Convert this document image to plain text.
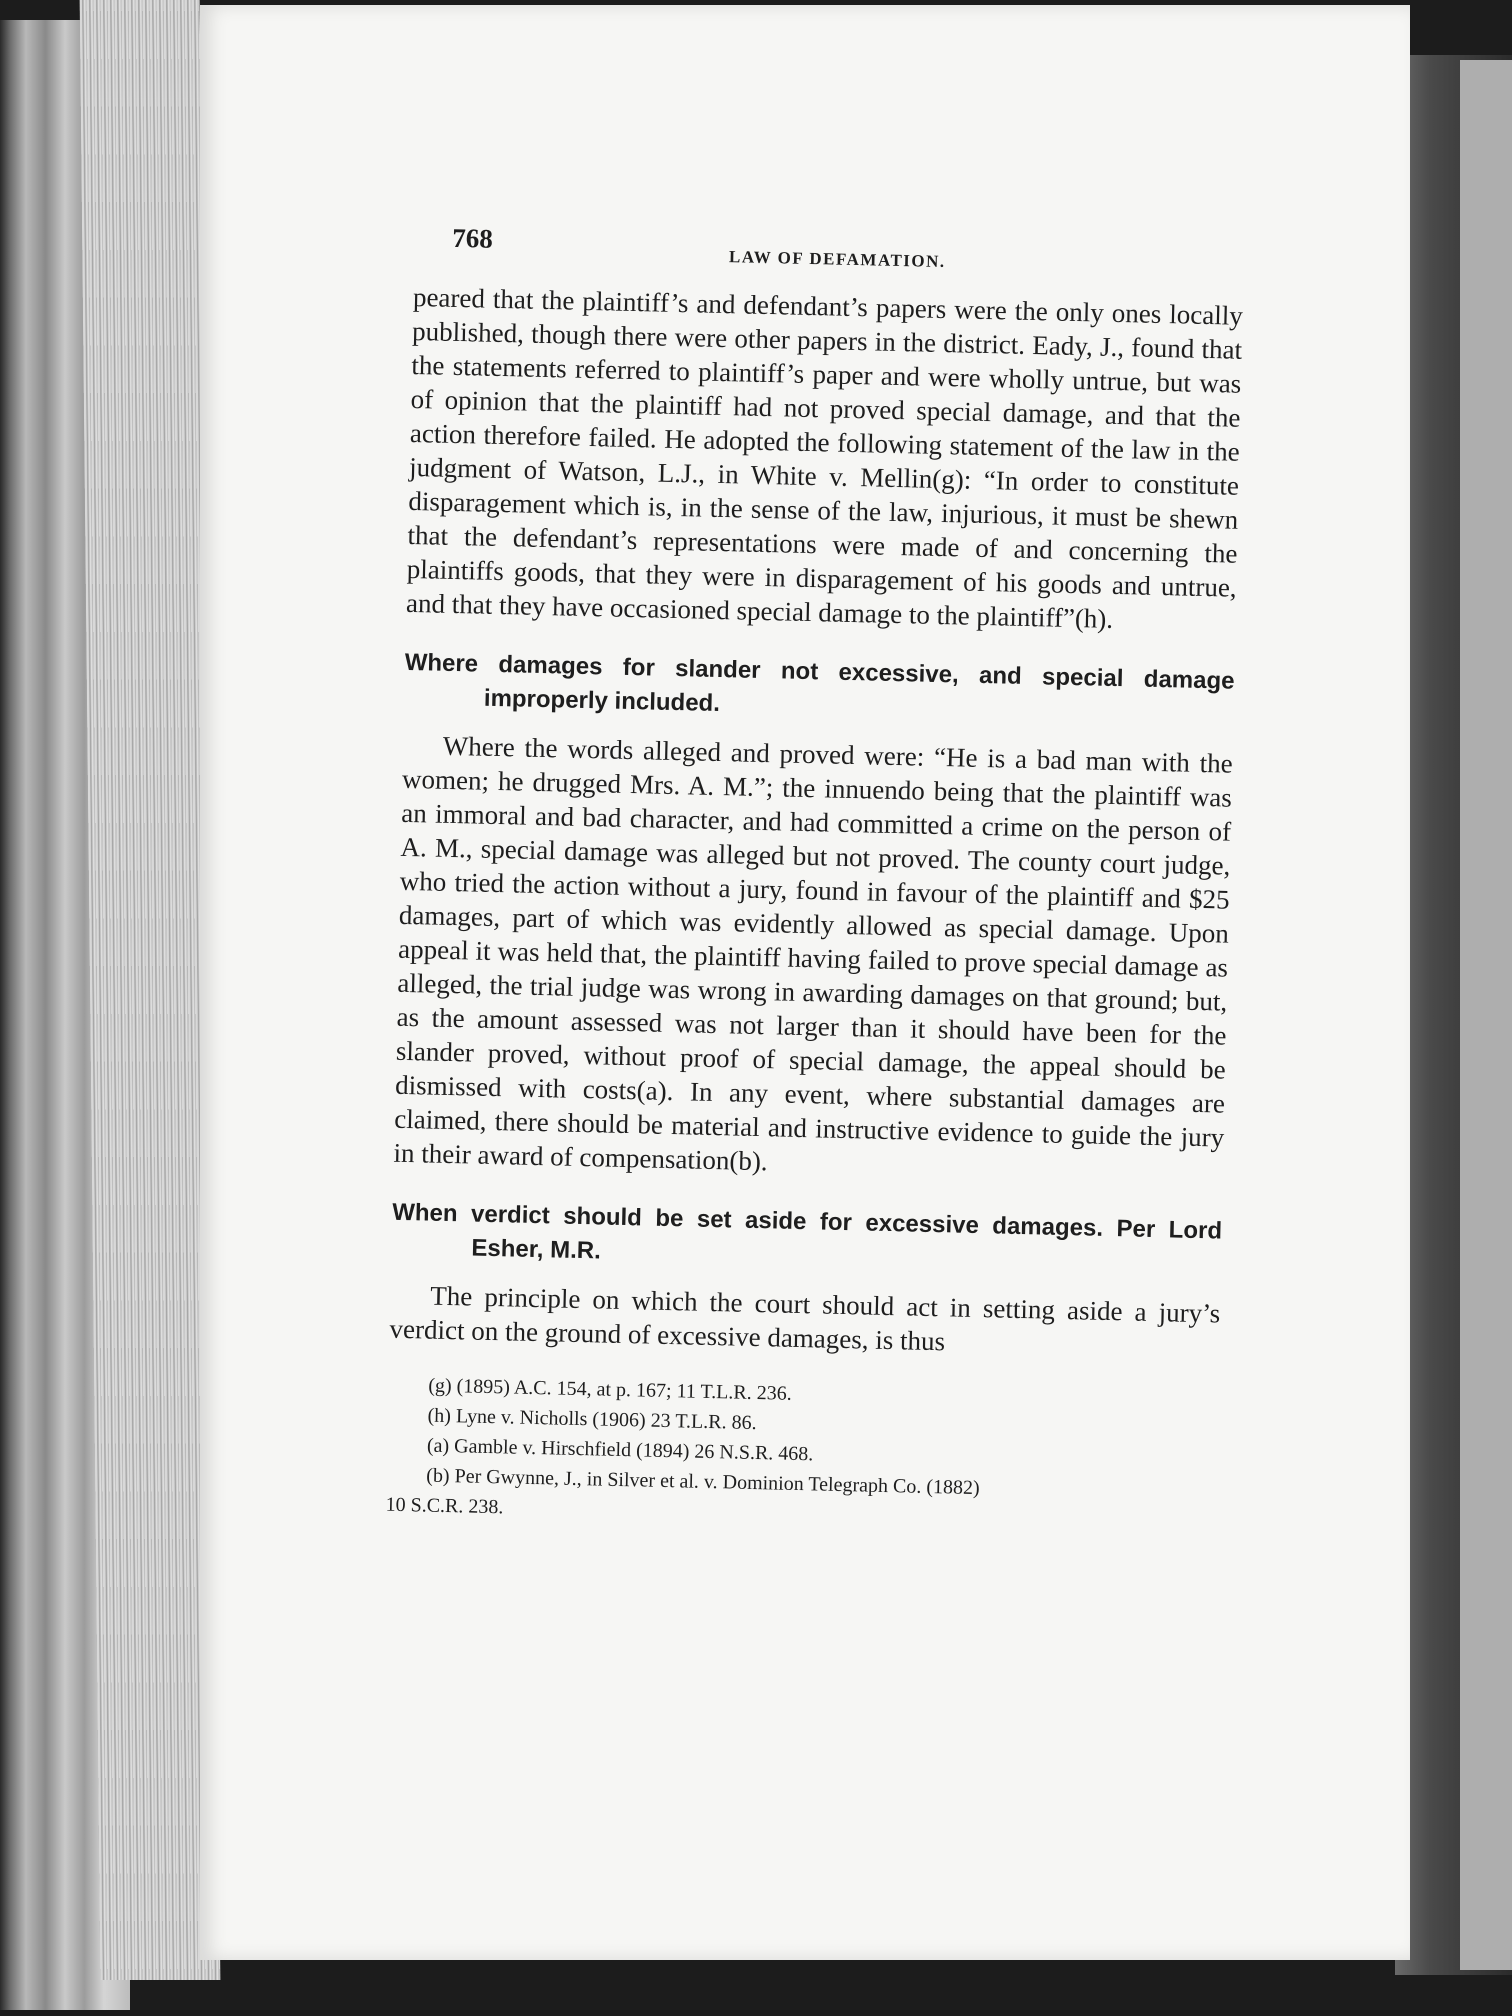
768
LAW OF DEFAMATION.

peared that the plaintiff’s and defendant’s papers were the only ones locally published, though there were other papers in the district. Eady, J., found that the statements referred to plaintiff’s paper and were wholly untrue, but was of opinion that the plaintiff had not proved special damage, and that the action therefore failed. He adopted the following statement of the law in the judgment of Watson, L.J., in White v. Mellin(g): “In order to constitute disparagement which is, in the sense of the law, injurious, it must be shewn that the defendant’s representations were made of and concerning the plaintiffs goods, that they were in disparagement of his goods and untrue, and that they have occasioned special damage to the plaintiff”(h).

Where damages for slander not excessive, and special damage improperly included.

Where the words alleged and proved were: “He is a bad man with the women; he drugged Mrs. A. M.”; the innuendo being that the plaintiff was an immoral and bad character, and had committed a crime on the person of A. M., special damage was alleged but not proved. The county court judge, who tried the action without a jury, found in favour of the plaintiff and $25 damages, part of which was evidently allowed as special damage. Upon appeal it was held that, the plaintiff having failed to prove special damage as alleged, the trial judge was wrong in awarding damages on that ground; but, as the amount assessed was not larger than it should have been for the slander proved, without proof of special damage, the appeal should be dismissed with costs(a). In any event, where substantial damages are claimed, there should be material and instructive evidence to guide the jury in their award of compensation(b).

When verdict should be set aside for excessive damages. Per Lord Esher, M.R.

The principle on which the court should act in setting aside a jury’s verdict on the ground of excessive damages, is thus

(g) (1895) A.C. 154, at p. 167; 11 T.L.R. 236.
(h) Lyne v. Nicholls (1906) 23 T.L.R. 86.
(a) Gamble v. Hirschfield (1894) 26 N.S.R. 468.
(b) Per Gwynne, J., in Silver et al. v. Dominion Telegraph Co. (1882)
10 S.C.R. 238.
